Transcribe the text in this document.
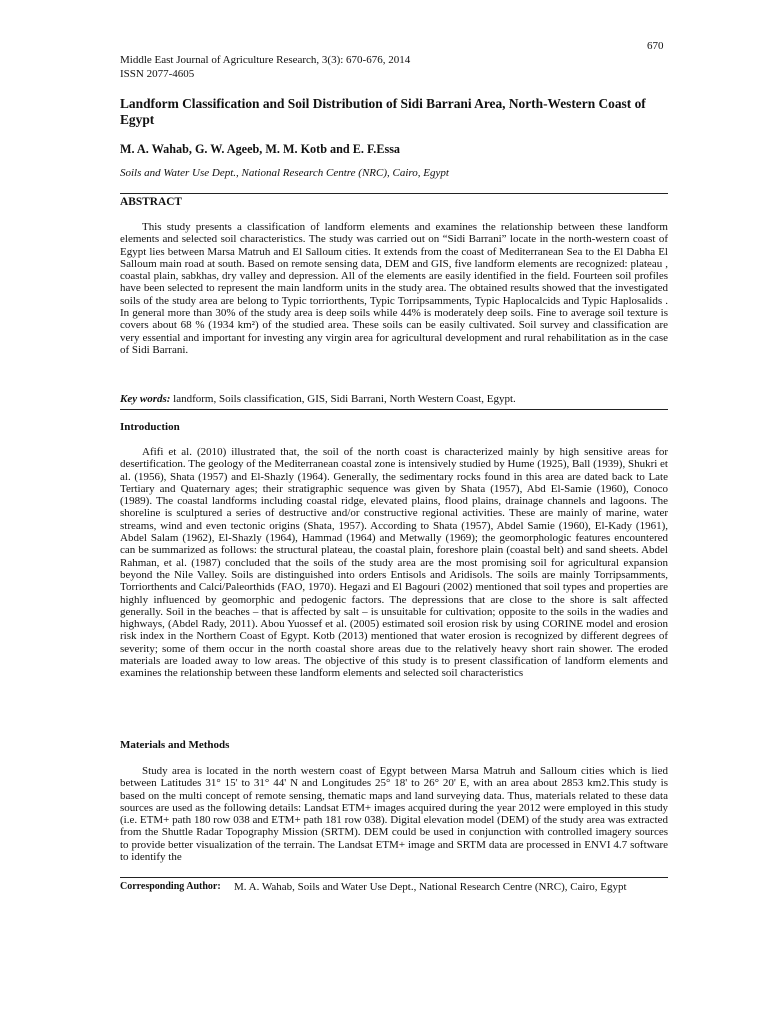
670
Middle East Journal of Agriculture Research, 3(3): 670-676, 2014
ISSN 2077-4605
Landform Classification and Soil Distribution of Sidi Barrani Area, North-Western Coast of Egypt
M. A. Wahab, G. W. Ageeb, M. M. Kotb and E. F.Essa
Soils and Water Use Dept., National Research Centre (NRC), Cairo, Egypt
ABSTRACT

This study presents a classification of landform elements and examines the relationship between these landform elements and selected soil characteristics. The study was carried out on “Sidi Barrani” locate in the north-western coast of Egypt lies between Marsa Matruh and El Salloum cities. It extends from the coast of Mediterranean Sea to the El Dabha El Salloum main road at south. Based on remote sensing data, DEM and GIS, five landform elements are recognized: plateau , coastal plain, sabkhas, dry valley and depression. All of the elements are easily identified in the field. Fourteen soil profiles have been selected to represent the main landform units in the study area. The obtained results showed that the investigated soils of the study area are belong to Typic torriorthents, Typic Torripsamments, Typic Haplocalcids and Typic Haplosalids . In general more than 30% of the study area is deep soils while 44% is moderately deep soils. Fine to average soil texture is covers about 68 % (1934 km²) of the studied area. These soils can be easily cultivated. Soil survey and classification are very essential and important for investing any virgin area for agricultural development and rural rehabilitation as in the case of Sidi Barrani.

Key words: landform, Soils classification, GIS, Sidi Barrani, North Western Coast, Egypt.
Introduction

Afifi et al. (2010) illustrated that, the soil of the north coast is characterized mainly by high sensitive areas for desertification. The geology of the Mediterranean coastal zone is intensively studied by Hume (1925), Ball (1939), Shukri et al. (1956), Shata (1957) and El-Shazly (1964). Generally, the sedimentary rocks found in this area are dated back to Late Tertiary and Quaternary ages; their stratigraphic sequence was given by Shata (1957), Abd El-Samie (1960), Conoco (1989). The coastal landforms including coastal ridge, elevated plains, flood plains, drainage channels and lagoons. The shoreline is sculptured a series of destructive and/or constructive regional activities. These are mainly of marine, water streams, wind and even tectonic origins (Shata, 1957). According to Shata (1957), Abdel Samie (1960), El-Kady (1961), Abdel Salam (1962), El-Shazly (1964), Hammad (1964) and Metwally (1969); the geomorphologic features encountered can be summarized as follows: the structural plateau, the coastal plain, foreshore plain (coastal belt) and sand sheets. Abdel Rahman, et al. (1987) concluded that the soils of the study area are the most promising soil for agricultural expansion beyond the Nile Valley. Soils are distinguished into orders Entisols and Aridisols. The soils are mainly Torripsamments, Torriorthents and Calci/Paleorthids (FAO, 1970). Hegazi and El Bagouri (2002) mentioned that soil types and properties are highly influenced by geomorphic and pedogenic factors. The depressions that are close to the shore is salt affected generally. Soil in the beaches – that is affected by salt – is unsuitable for cultivation; opposite to the soils in the wadies and highways, (Abdel Rady, 2011). Abou Yuossef et al. (2005) estimated soil erosion risk by using CORINE model and erosion risk index in the Northern Coast of Egypt. Kotb (2013) mentioned that water erosion is recognized by different degrees of severity; some of them occur in the north coastal shore areas due to the relatively heavy short rain shower. The eroded materials are loaded away to low areas. The objective of this study is to present classification of landform elements and examines the relationship between these landform elements and selected soil characteristics

Materials and Methods

Study area is located in the north western coast of Egypt between Marsa Matruh and Salloum cities which is lied between Latitudes 31° 15' to 31° 44' N and Longitudes 25° 18' to 26° 20' E, with an area about 2853 km2.This study is based on the multi concept of remote sensing, thematic maps and land surveying data. Thus, materials related to these data sources are used as the following details: Landsat ETM+ images acquired during the year 2012 were employed in this study (i.e. ETM+ path 180 row 038 and ETM+ path 181 row 038). Digital elevation model (DEM) of the study area was extracted from the Shuttle Radar Topography Mission (SRTM). DEM could be used in conjunction with controlled imagery sources to provide better visualization of the terrain. The Landsat ETM+ image and SRTM data are processed in ENVI 4.7 software to identify the

Corresponding Author: M. A. Wahab, Soils and Water Use Dept., National Research Centre (NRC), Cairo, Egypt
